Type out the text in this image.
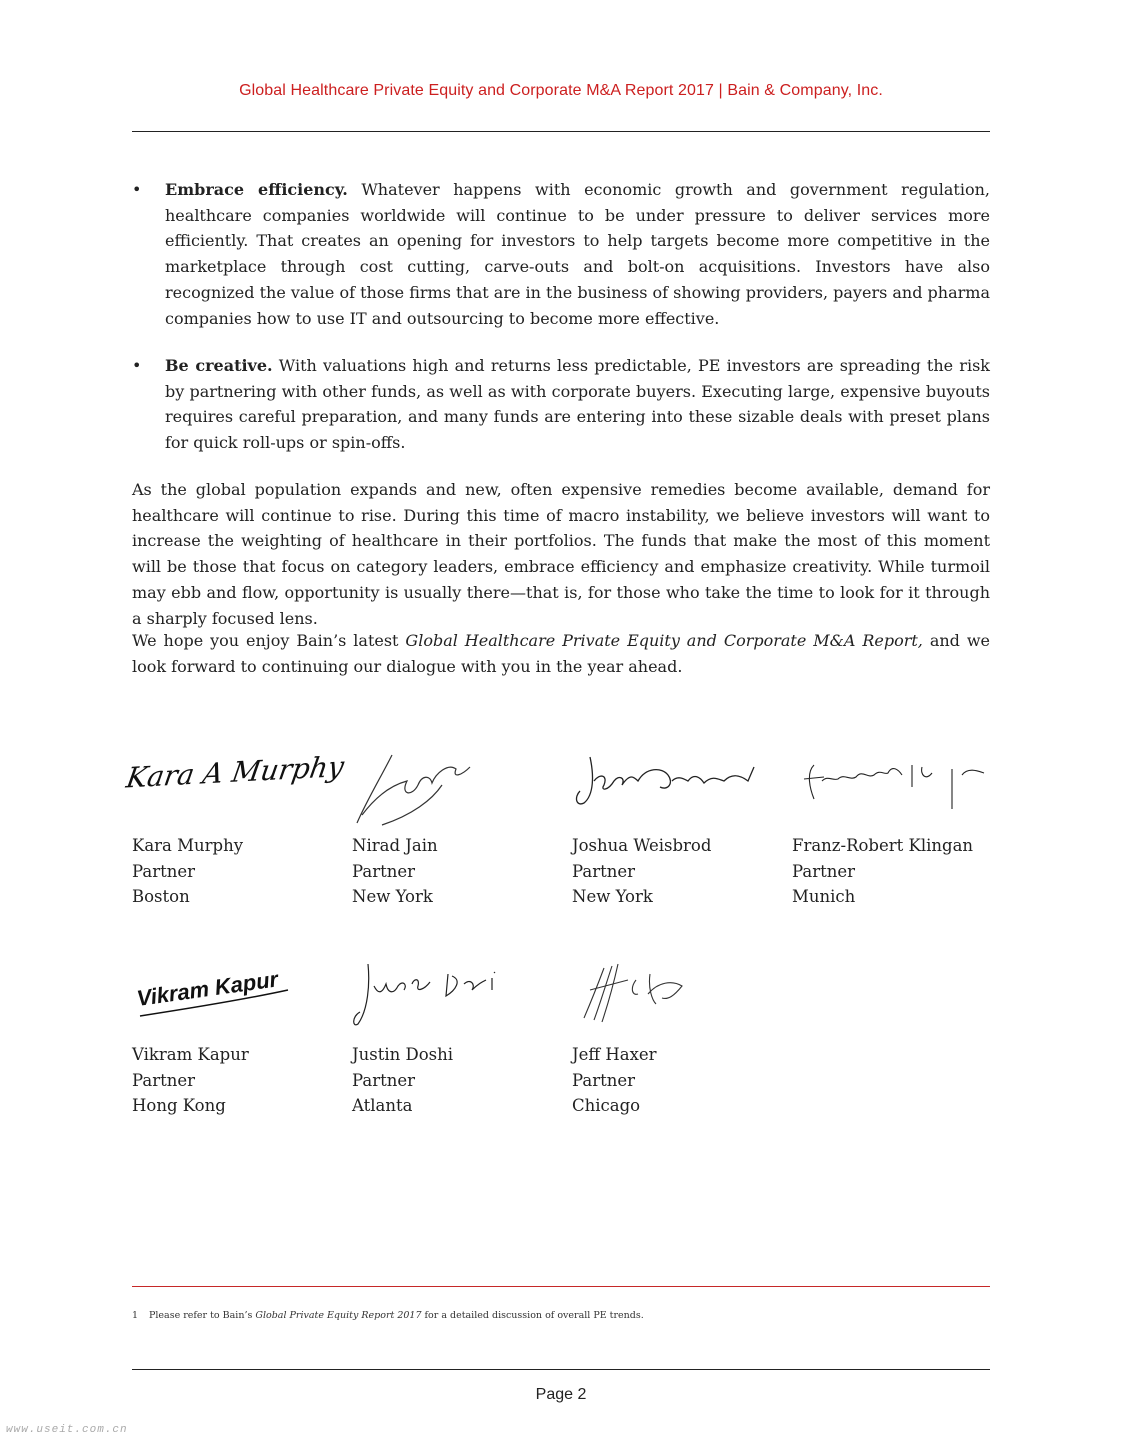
Global Healthcare Private Equity and Corporate M&A Report 2017 | Bain & Company, Inc.
• Embrace efficiency. Whatever happens with economic growth and government regulation, healthcare companies worldwide will continue to be under pressure to deliver services more efficiently. That creates an opening for investors to help targets become more competitive in the marketplace through cost cutting, carve-outs and bolt-on acquisitions. Investors have also recognized the value of those firms that are in the business of showing providers, payers and pharma companies how to use IT and outsourcing to become more effective.
• Be creative. With valuations high and returns less predictable, PE investors are spreading the risk by partnering with other funds, as well as with corporate buyers. Executing large, expensive buyouts requires careful preparation, and many funds are entering into these sizable deals with preset plans for quick roll-ups or spin-offs.
As the global population expands and new, often expensive remedies become available, demand for healthcare will continue to rise. During this time of macro instability, we believe investors will want to increase the weighting of healthcare in their portfolios. The funds that make the most of this moment will be those that focus on category leaders, embrace efficiency and emphasize creativity. While turmoil may ebb and flow, opportunity is usually there—that is, for those who take the time to look for it through a sharply focused lens.
We hope you enjoy Bain’s latest Global Healthcare Private Equity and Corporate M&A Report, and we look forward to continuing our dialogue with you in the year ahead.
Kara A Murphy
Kara Murphy
Partner
Boston
Nirad Jain
Partner
New York
Joshua Weisbrod
Partner
New York
Franz-Robert Klingan
Partner
Munich
Vikram Kapur
Vikram Kapur
Partner
Hong Kong
Justin Doshi
Partner
Atlanta
Jeff Haxer
Partner
Chicago
1 Please refer to Bain’s Global Private Equity Report 2017 for a detailed discussion of overall PE trends.
Page 2
www.useit.com.cn
